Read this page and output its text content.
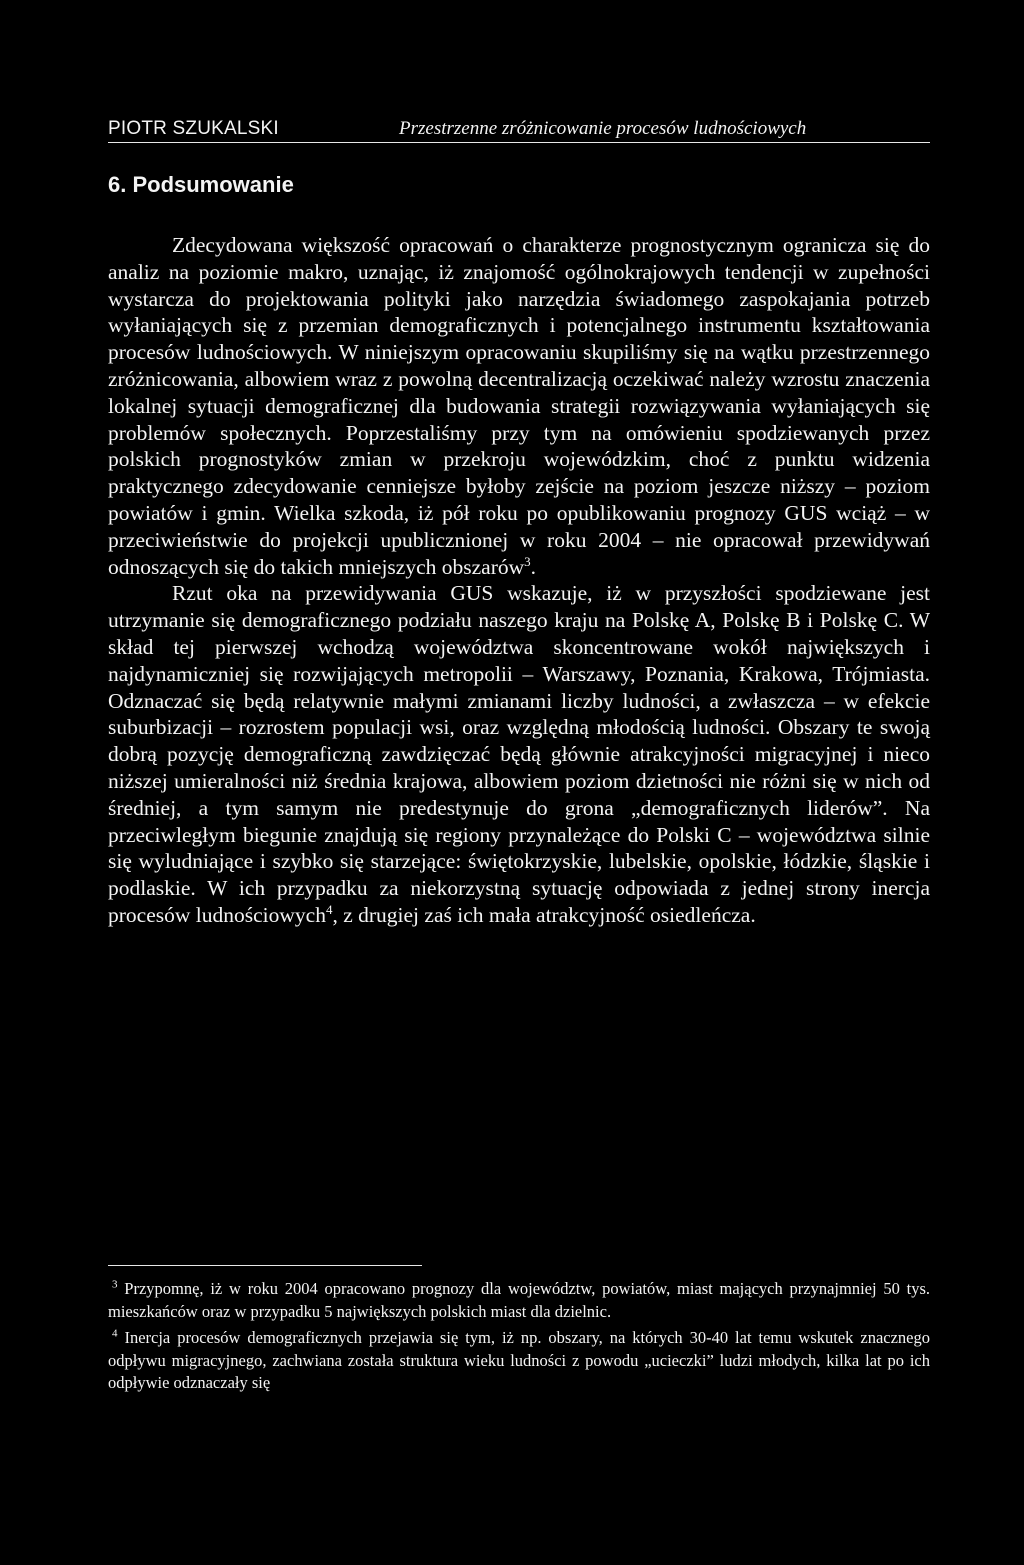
PIOTR SZUKALSKI	Przestrzenne zróżnicowanie procesów ludnościowych
6. Podsumowanie

Zdecydowana większość opracowań o charakterze prognostycznym ogranicza się do analiz na poziomie makro, uznając, iż znajomość ogólnokrajowych tendencji w zupełności wystarcza do projektowania polityki jako narzędzia świadomego zaspokajania potrzeb wyłaniających się z przemian demograficznych i potencjalnego instrumentu kształtowania procesów ludnościowych. W niniejszym opracowaniu skupiliśmy się na wątku przestrzennego zróżnicowania, albowiem wraz z powolną decentralizacją oczekiwać należy wzrostu znaczenia lokalnej sytuacji demograficznej dla budowania strategii rozwiązywania wyłaniających się problemów społecznych. Poprzestaliśmy przy tym na omówieniu spodziewanych przez polskich prognostyków zmian w przekroju wojewódzkim, choć z punktu widzenia praktycznego zdecydowanie cenniejsze byłoby zejście na poziom jeszcze niższy – poziom powiatów i gmin. Wielka szkoda, iż pół roku po opublikowaniu prognozy GUS wciąż – w przeciwieństwie do projekcji upublicznionej w roku 2004 – nie opracował przewidywań odnoszących się do takich mniejszych obszarów$^3$.

Rzut oka na przewidywania GUS wskazuje, iż w przyszłości spodziewane jest utrzymanie się demograficznego podziału naszego kraju na Polskę A, Polskę B i Polskę C. W skład tej pierwszej wchodzą województwa skoncentrowane wokół największych i najdynamiczniej się rozwijających metropolii – Warszawy, Poznania, Krakowa, Trójmiasta. Odznaczać się będą relatywnie małymi zmianami liczby ludności, a zwłaszcza – w efekcie suburbizacji – rozrostem populacji wsi, oraz względną młodością ludności. Obszary te swoją dobrą pozycję demograficzną zawdzięczać będą głównie atrakcyjności migracyjnej i nieco niższej umieralności niż średnia krajowa, albowiem poziom dzietności nie różni się w nich od średniej, a tym samym nie predestynuje do grona „demograficznych liderów”. Na przeciwległym biegunie znajdują się regiony przynależące do Polski C – województwa silnie się wyludniające i szybko się starzejące: świętokrzyskie, lubelskie, opolskie, łódzkie, śląskie i podlaskie. W ich przypadku za niekorzystną sytuację odpowiada z jednej strony inercja procesów ludnościowych$^4$, z drugiej zaś ich mała atrakcyjność osiedleńcza.

$^3$ Przypomnę, iż w roku 2004 opracowano prognozy dla województw, powiatów, miast mających przynajmniej 50 tys. mieszkańców oraz w przypadku 5 największych polskich miast dla dzielnic.

$^4$ Inercja procesów demograficznych przejawia się tym, iż np. obszary, na których 30-40 lat temu wskutek znacznego odpływu migracyjnego, zachwiana została struktura wieku ludności z powodu „ucieczki” ludzi młodych, kilka lat po ich odpływie odznaczały się
